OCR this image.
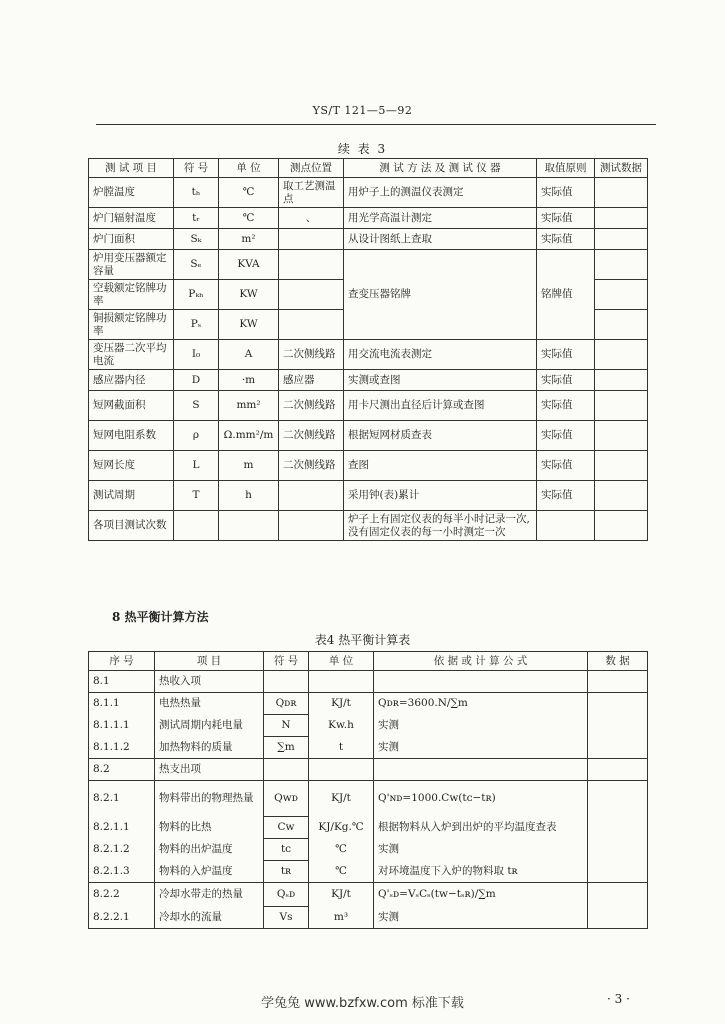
YS/T 121—5—92
续 表 3
测 试 项 目	符 号	单 位	测点位置	测 试 方 法 及 测 试 仪 器	取值原则	测试数据
炉膛温度	tₕ	℃	取工艺测温点	用炉子上的测温仪表测定	实际值	
炉门辐射温度	tᵣ	℃	、	用光学高温计测定	实际值	
炉门面积	Sₖ	m²		从设计图纸上查取	实际值	
炉用变压器额定容量	Sₑ	KVA		查变压器铭牌	铭牌值	
空载额定铭牌功率	Pₖₕ	KW				
铜损额定铭牌功率	Pₛ	KW				
变压器二次平均电流	I₀	A	二次侧线路	用交流电流表测定	实际值	
感应器内径	D	·m	感应器	实测或查图	实际值	
短网截面积	S	mm²	二次侧线路	用卡尺测出直径后计算或查图	实际值	
短网电阻系数	ρ	Ω.mm²/m	二次侧线路	根据短网材质查表	实际值	
短网长度	L	m	二次侧线路	查图	实际值	
测试周期	T	h		采用钟(表)累计	实际值	
各项目测试次数				炉子上有固定仪表的每半小时记录一次,没有固定仪表的每一小时测定一次		
8 热平衡计算方法
表4 热平衡计算表
序 号	项 目	符 号	单 位	依 据 或 计 算 公 式	数 据
8.1	热收入项				
8.1.1	电热热量	Qᴅʀ	KJ/t	Qᴅʀ=3600.N/∑m	
8.1.1.1	测试周期内耗电量	N	Kw.h	实测	
8.1.1.2	加热物料的质量	∑m	t	实测	
8.2	热支出项				
8.2.1	物料带出的物理热量	Qᴡᴅ	KJ/t	Q'ɴᴅ=1000.Cᴡ(tᴄ−tʀ)	
8.2.1.1	物料的比热	Cᴡ	KJ/Kg.℃	根据物料从入炉到出炉的平均温度查表	
8.2.1.2	物料的出炉温度	tᴄ	℃	实测	
8.2.1.3	物料的入炉温度	tʀ	℃	对环境温度下入炉的物料取 tʀ	
8.2.2	冷却水带走的热量	Qₛᴅ	KJ/t	Q'ₛᴅ=VₛCₛ(tᴡ−tₛʀ)/∑m	
8.2.2.1	冷却水的流量	Vs	m³	实测	
学兔兔 www.bzfxw.com 标准下载	· 3 ·
